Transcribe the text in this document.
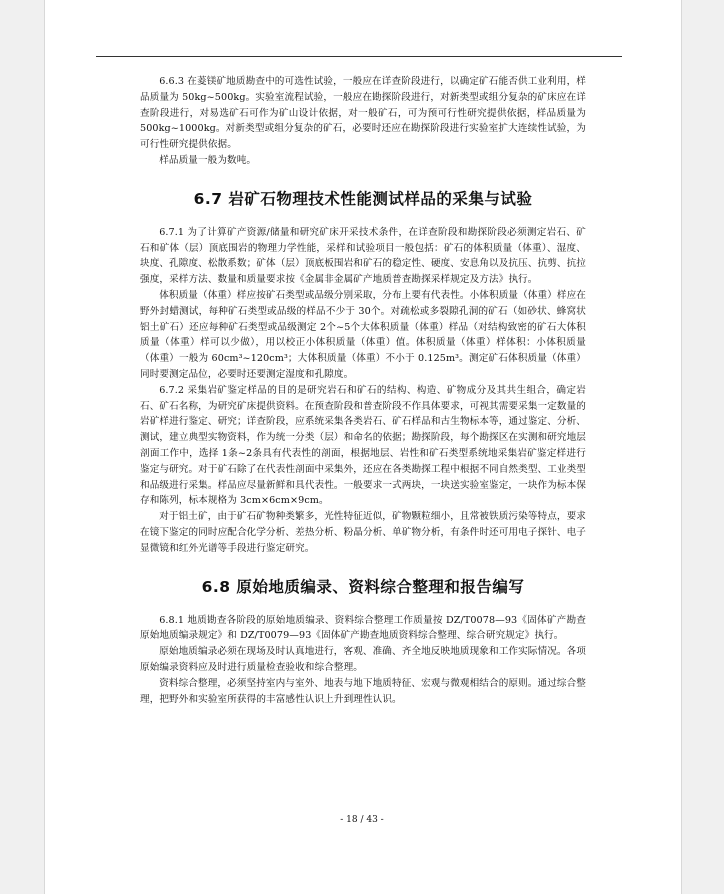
6.6.3 在菱镁矿地质勘查中的可选性试验，一般应在详查阶段进行，以确定矿石能否供工业利用，样品质量为 50kg~500kg。实验室流程试验，一般应在勘探阶段进行，对新类型或组分复杂的矿床应在详查阶段进行，对易选矿石可作为矿山设计依据，对一般矿石，可为预可行性研究提供依据，样品质量为 500kg~1000kg。对新类型或组分复杂的矿石，必要时还应在勘探阶段进行实验室扩大连续性试验，为可行性研究提供依据。

样品质量一般为数吨。

6.7 岩矿石物理技术性能测试样品的采集与试验

6.7.1 为了计算矿产资源/储量和研究矿床开采技术条件，在详查阶段和勘探阶段必须测定岩石、矿石和矿体（层）顶底围岩的物理力学性能，采样和试验项目一般包括：矿石的体积质量（体重）、湿度、块度、孔隙度、松散系数；矿体（层）顶底板围岩和矿石的稳定性、硬度、安息角以及抗压、抗剪、抗拉强度，采样方法、数量和质量要求按《金属非金属矿产地质普查勘探采样规定及方法》执行。

体积质量（体重）样应按矿石类型或品级分别采取，分布上要有代表性。小体积质量（体重）样应在野外封蜡测试，每种矿石类型或品级的样品不少于 30个。对疏松或多裂隙孔洞的矿石（如砂状、蜂窝状铝土矿石）还应每种矿石类型或品级测定 2个~5个大体积质量（体重）样品（对结构致密的矿石大体积质量（体重）样可以少做），用以校正小体积质量（体重）值。体积质量（体重）样体积：小体积质量（体重）一般为 60cm³~120cm³；大体积质量（体重）不小于 0.125m³。测定矿石体积质量（体重）同时要测定品位，必要时还要测定湿度和孔隙度。

6.7.2 采集岩矿鉴定样品的目的是研究岩石和矿石的结构、构造、矿物成分及其共生组合，确定岩石、矿石名称，为研究矿床提供资料。在预查阶段和普查阶段不作具体要求，可视其需要采集一定数量的岩矿样进行鉴定、研究；详查阶段，应系统采集各类岩石、矿石样品和古生物标本等，通过鉴定、分析、测试，建立典型实物资料，作为统一分类（层）和命名的依据；勘探阶段，每个勘探区在实测和研究地层剖面工作中，选择 1条~2条具有代表性的剖面，根据地层、岩性和矿石类型系统地采集岩矿鉴定样进行鉴定与研究。对于矿石除了在代表性剖面中采集外，还应在各类勘探工程中根据不同自然类型、工业类型和品级进行采集。样品应尽量新鲜和具代表性。一般要求一式两块，一块送实验室鉴定，一块作为标本保存和陈列，标本规格为 3cm×6cm×9cm。

对于铝土矿，由于矿石矿物种类繁多，光性特征近似，矿物颗粒细小，且常被铁质污染等特点，要求在镜下鉴定的同时应配合化学分析、差热分析、粉晶分析、单矿物分析，有条件时还可用电子探针、电子显微镜和红外光谱等手段进行鉴定研究。

6.8 原始地质编录、资料综合整理和报告编写

6.8.1 地质勘查各阶段的原始地质编录、资料综合整理工作质量按 DZ/T0078—93《固体矿产勘查原始地质编录规定》和 DZ/T0079—93《固体矿产勘查地质资料综合整理、综合研究规定》执行。

原始地质编录必须在现场及时认真地进行，客观、准确、齐全地反映地质现象和工作实际情况。各项原始编录资料应及时进行质量检查验收和综合整理。

资料综合整理，必须坚持室内与室外、地表与地下地质特征、宏观与微观相结合的原则。通过综合整理，把野外和实验室所获得的丰富感性认识上升到理性认识。

- 18 / 43 -
